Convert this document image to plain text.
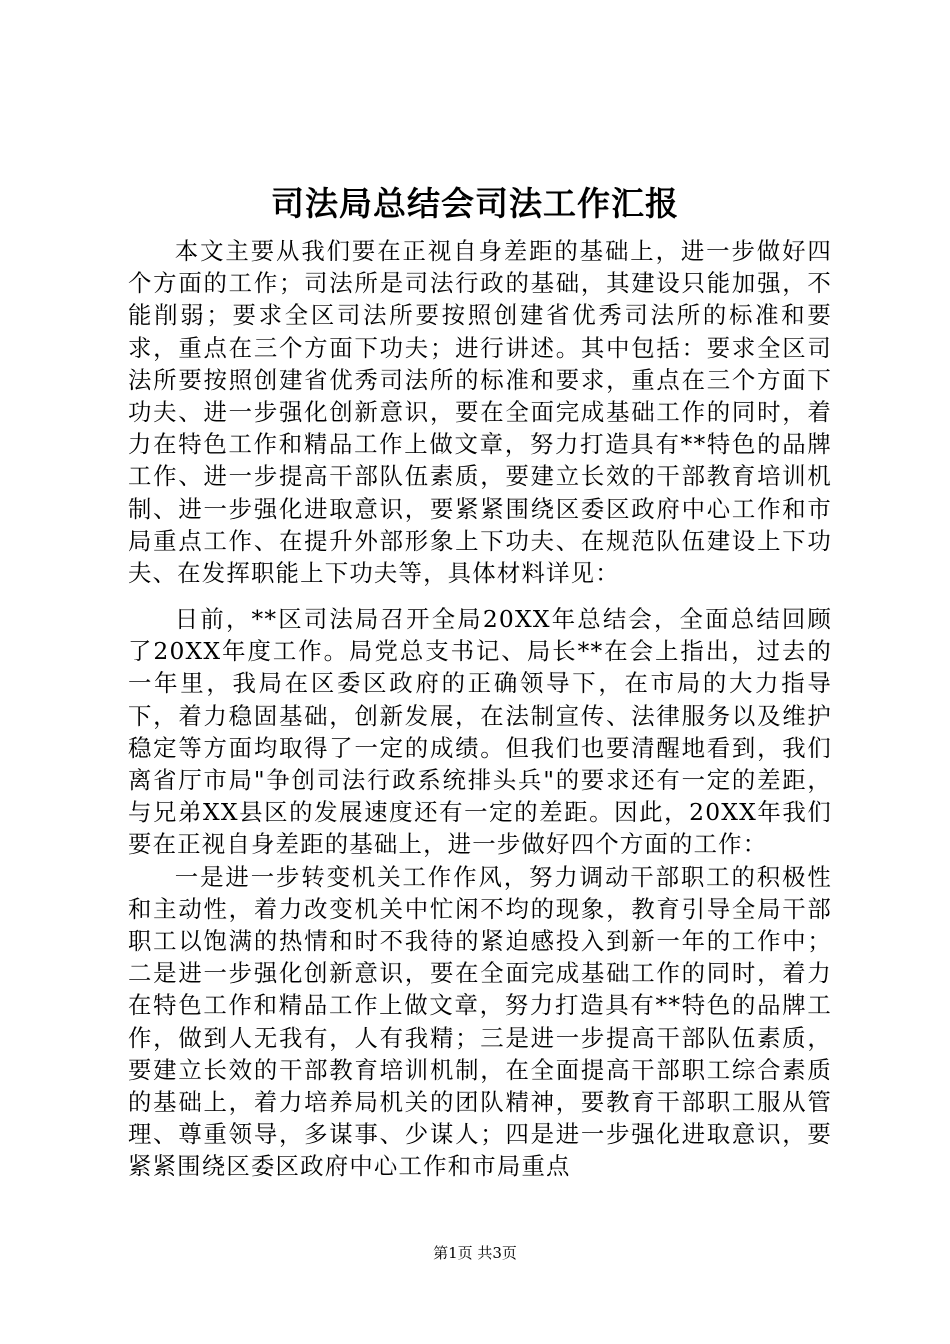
司法局总结会司法工作汇报

本文主要从我们要在正视自身差距的基础上，进一步做好四个方面的工作；司法所是司法行政的基础，其建设只能加强，不能削弱；要求全区司法所要按照创建省优秀司法所的标准和要求，重点在三个方面下功夫；进行讲述。其中包括：要求全区司法所要按照创建省优秀司法所的标准和要求，重点在三个方面下功夫、进一步强化创新意识，要在全面完成基础工作的同时，着力在特色工作和精品工作上做文章，努力打造具有**特色的品牌工作、进一步提高干部队伍素质，要建立长效的干部教育培训机制、进一步强化进取意识，要紧紧围绕区委区政府中心工作和市局重点工作、在提升外部形象上下功夫、在规范队伍建设上下功夫、在发挥职能上下功夫等，具体材料详见：

日前，**区司法局召开全局20XX年总结会，全面总结回顾了20XX年度工作。局党总支书记、局长**在会上指出，过去的一年里，我局在区委区政府的正确领导下，在市局的大力指导下，着力稳固基础，创新发展，在法制宣传、法律服务以及维护稳定等方面均取得了一定的成绩。但我们也要清醒地看到，我们离省厅市局"争创司法行政系统排头兵"的要求还有一定的差距，与兄弟XX县区的发展速度还有一定的差距。因此，20XX年我们要在正视自身差距的基础上，进一步做好四个方面的工作：

一是进一步转变机关工作作风，努力调动干部职工的积极性和主动性，着力改变机关中忙闲不均的现象，教育引导全局干部职工以饱满的热情和时不我待的紧迫感投入到新一年的工作中；二是进一步强化创新意识，要在全面完成基础工作的同时，着力在特色工作和精品工作上做文章，努力打造具有**特色的品牌工作，做到人无我有，人有我精；三是进一步提高干部队伍素质，要建立长效的干部教育培训机制，在全面提高干部职工综合素质的基础上，着力培养局机关的团队精神，要教育干部职工服从管理、尊重领导，多谋事、少谋人；四是进一步强化进取意识，要紧紧围绕区委区政府中心工作和市局重点

第1页 共3页
